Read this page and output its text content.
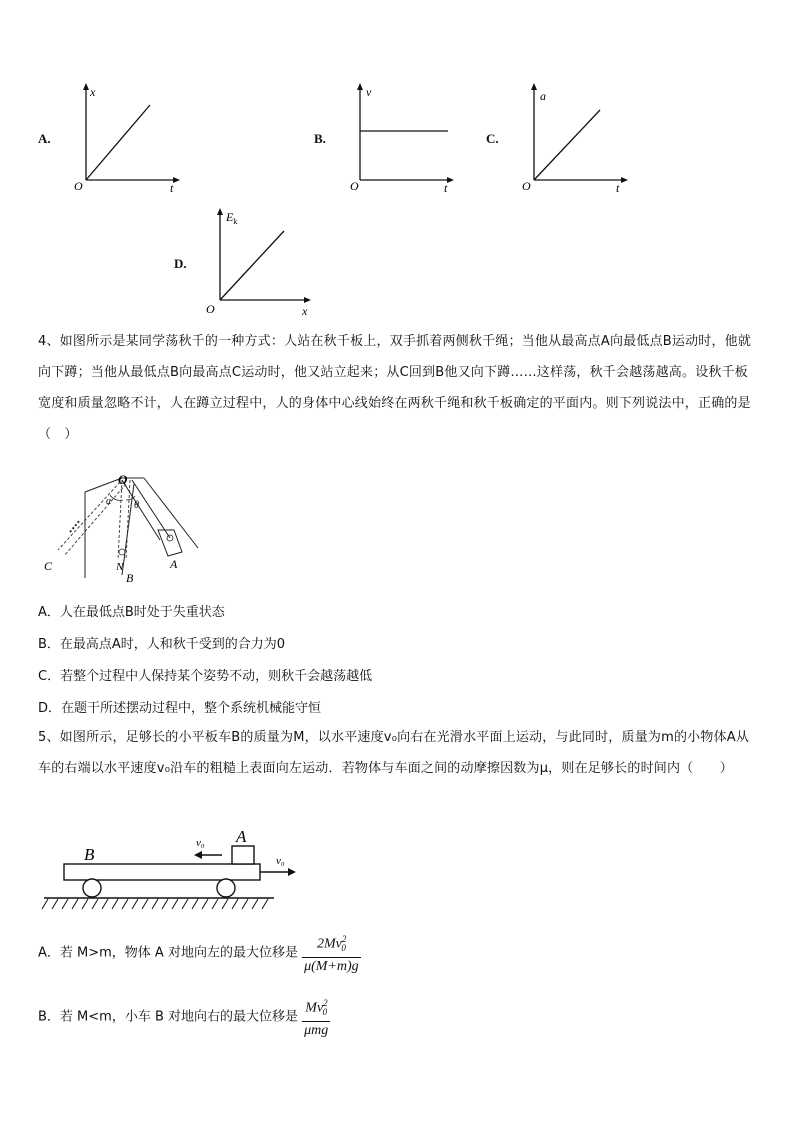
A.
x
t
O
B.
v
t
O
C.
a
t
O
D.
$E_k$
x
O
4、如图所示是某同学荡秋千的一种方式：人站在秋千板上，双手抓着两侧秋千绳；当他从最高点A向最低点B运动时，他就向下蹲；当他从最低点B向最高点C运动时，他又站立起来；从C回到B他又向下蹲……这样荡，秋千会越荡越高。设秋千板宽度和质量忽略不计，人在蹲立过程中，人的身体中心线始终在两秋千绳和秋千板确定的平面内。则下列说法中，正确的是（　）
O
A
B
C
α θ
N
A．人在最低点B时处于失重状态
B．在最高点A时，人和秋千受到的合力为0
C．若整个过程中人保持某个姿势不动，则秋千会越荡越低
D．在题干所述摆动过程中，整个系统机械能守恒
5、如图所示，足够长的小平板车B的质量为M，以水平速度v₀向右在光滑水平面上运动，与此同时，质量为m的小物体A从车的右端以水平速度v₀沿车的粗糙上表面向左运动．若物体与车面之间的动摩擦因数为μ，则在足够长的时间内（　　）
A
B
v₀
v₀
A．若 M>m，物体 A 对地向左的最大位移是 $\frac{2Mv^2_0}{\mu(M+m)g}$
B．若 M<m，小车 B 对地向右的最大位移是 $\frac{Mv^2_0}{\text{μmg}}$
